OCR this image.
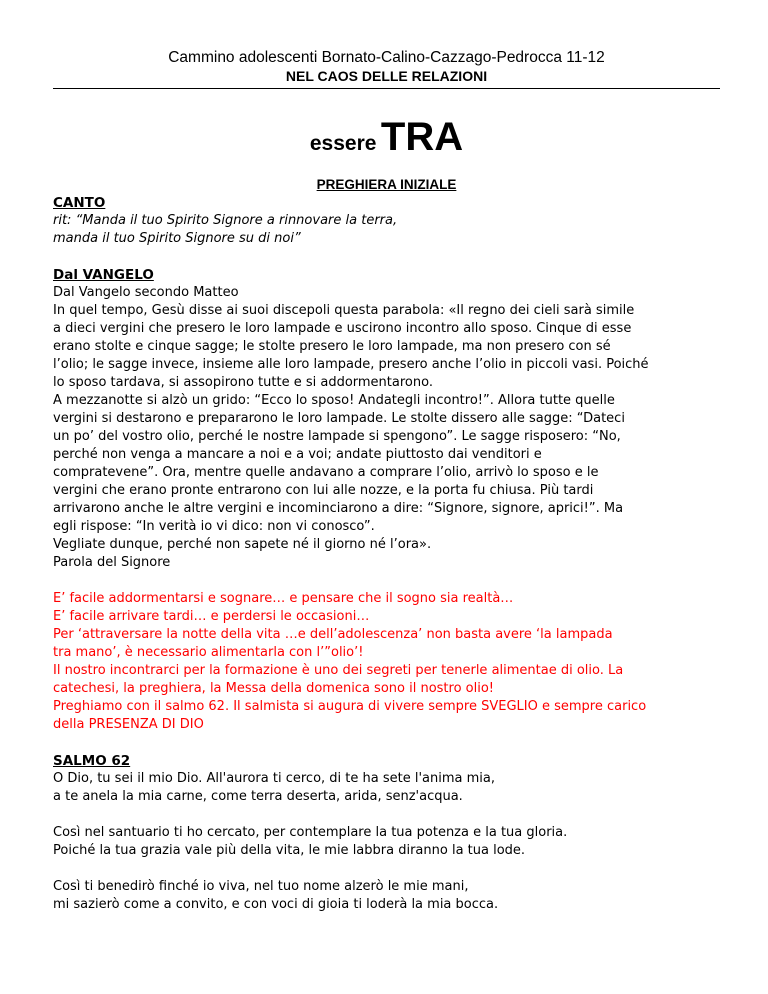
Cammino adolescenti Bornato-Calino-Cazzago-Pedrocca 11-12
NEL CAOS DELLE RELAZIONI
essere TRA
PREGHIERA INIZIALE
CANTO
rit: “Manda il tuo Spirito Signore a rinnovare la terra,
manda il tuo Spirito Signore su di noi”
Dal VANGELO
Dal Vangelo secondo Matteo
In quel tempo, Gesù disse ai suoi discepoli questa parabola: «Il regno dei cieli sarà simile
a dieci vergini che presero le loro lampade e uscirono incontro allo sposo. Cinque di esse
erano stolte e cinque sagge; le stolte presero le loro lampade, ma non presero con sé
l’olio; le sagge invece, insieme alle loro lampade, presero anche l’olio in piccoli vasi. Poiché
lo sposo tardava, si assopirono tutte e si addormentarono.
A mezzanotte si alzò un grido: “Ecco lo sposo! Andategli incontro!”. Allora tutte quelle
vergini si destarono e prepararono le loro lampade. Le stolte dissero alle sagge: “Dateci
un po’ del vostro olio, perché le nostre lampade si spengono”. Le sagge risposero: “No,
perché non venga a mancare a noi e a voi; andate piuttosto dai venditori e
compratevene”. Ora, mentre quelle andavano a comprare l’olio, arrivò lo sposo e le
vergini che erano pronte entrarono con lui alle nozze, e la porta fu chiusa. Più tardi
arrivarono anche le altre vergini e incominciarono a dire: “Signore, signore, aprici!”. Ma
egli rispose: “In verità io vi dico: non vi conosco”.
Vegliate dunque, perché non sapete né il giorno né l’ora».
Parola del Signore
E’ facile addormentarsi e sognare… e pensare che il sogno sia realtà…
E’ facile arrivare tardi… e perdersi le occasioni…
Per ‘attraversare la notte della vita …e dell’adolescenza’ non basta avere ‘la lampada
tra mano’, è necessario alimentarla con l’”olio’!
Il nostro incontrarci per la formazione è uno dei segreti per tenerle alimentae di olio. La
catechesi, la preghiera, la Messa della domenica sono il nostro olio!
Preghiamo con il salmo 62. Il salmista si augura di vivere sempre SVEGLIO e sempre carico
della PRESENZA DI DIO
SALMO 62
O Dio, tu sei il mio Dio. All'aurora ti cerco, di te ha sete l'anima mia,
a te anela la mia carne, come terra deserta, arida, senz'acqua.
Così nel santuario ti ho cercato, per contemplare la tua potenza e la tua gloria.
Poiché la tua grazia vale più della vita, le mie labbra diranno la tua lode.
Così ti benedirò finché io viva, nel tuo nome alzerò le mie mani,
mi sazierò come a convito, e con voci di gioia ti loderà la mia bocca.
